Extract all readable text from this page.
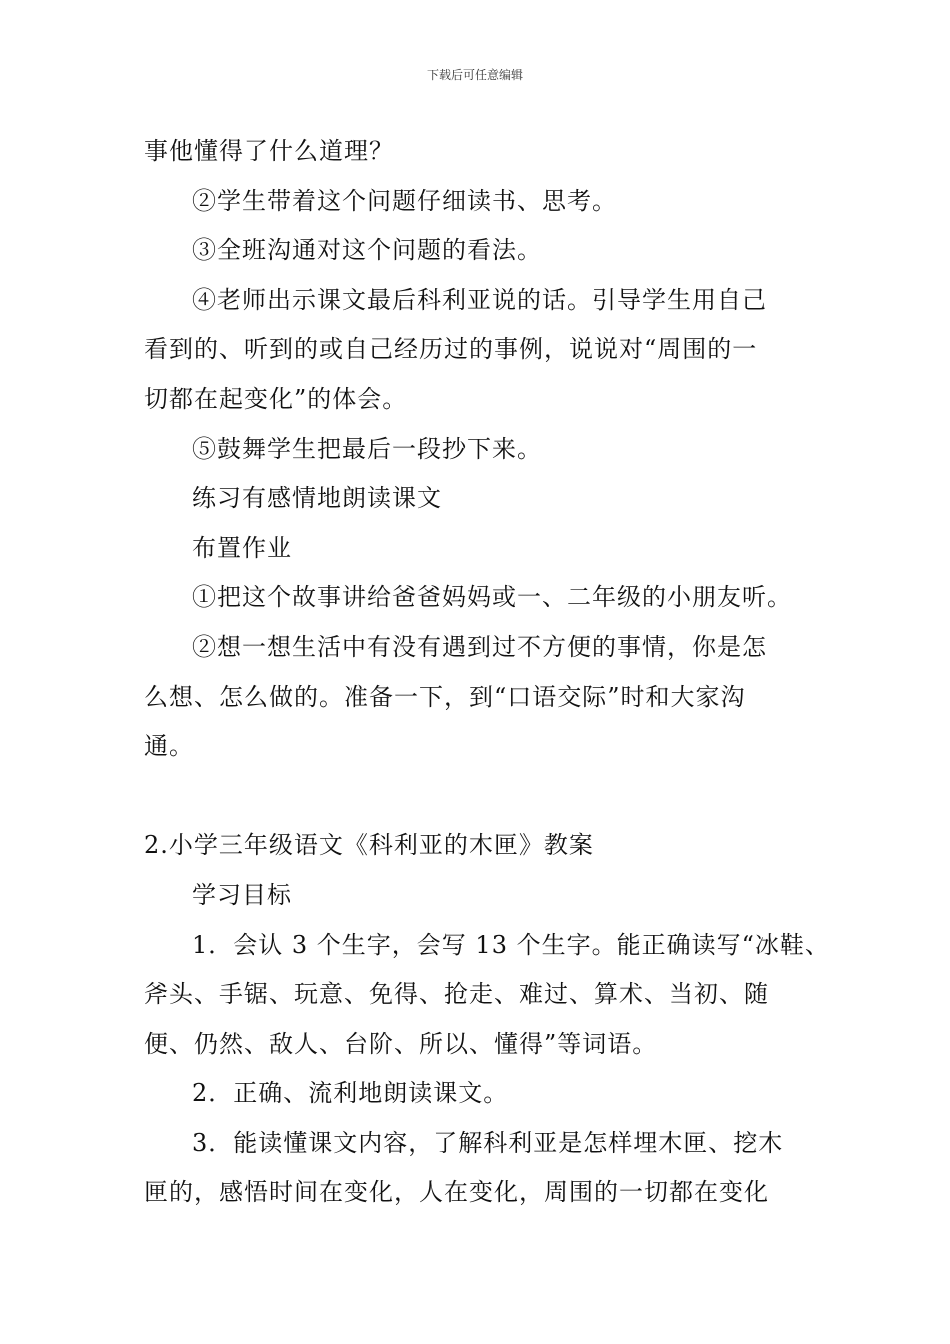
下载后可任意编辑

事他懂得了什么道理？

②学生带着这个问题仔细读书、思考。

③全班沟通对这个问题的看法。

④老师出示课文最后科利亚说的话。引导学生用自己

看到的、听到的或自己经历过的事例，说说对“周围的一

切都在起变化”的体会。

⑤鼓舞学生把最后一段抄下来。

练习有感情地朗读课文

布置作业

①把这个故事讲给爸爸妈妈或一、二年级的小朋友听。

②想一想生活中有没有遇到过不方便的事情，你是怎

么想、怎么做的。准备一下，到“口语交际”时和大家沟

通。

2.小学三年级语文《科利亚的木匣》教案

学习目标

1．会认 3 个生字，会写 13 个生字。能正确读写“冰鞋、

斧头、手锯、玩意、免得、抢走、难过、算术、当初、随

便、仍然、敌人、台阶、所以、懂得”等词语。

2．正确、流利地朗读课文。

3．能读懂课文内容，了解科利亚是怎样埋木匣、挖木

匣的，感悟时间在变化，人在变化，周围的一切都在变化
